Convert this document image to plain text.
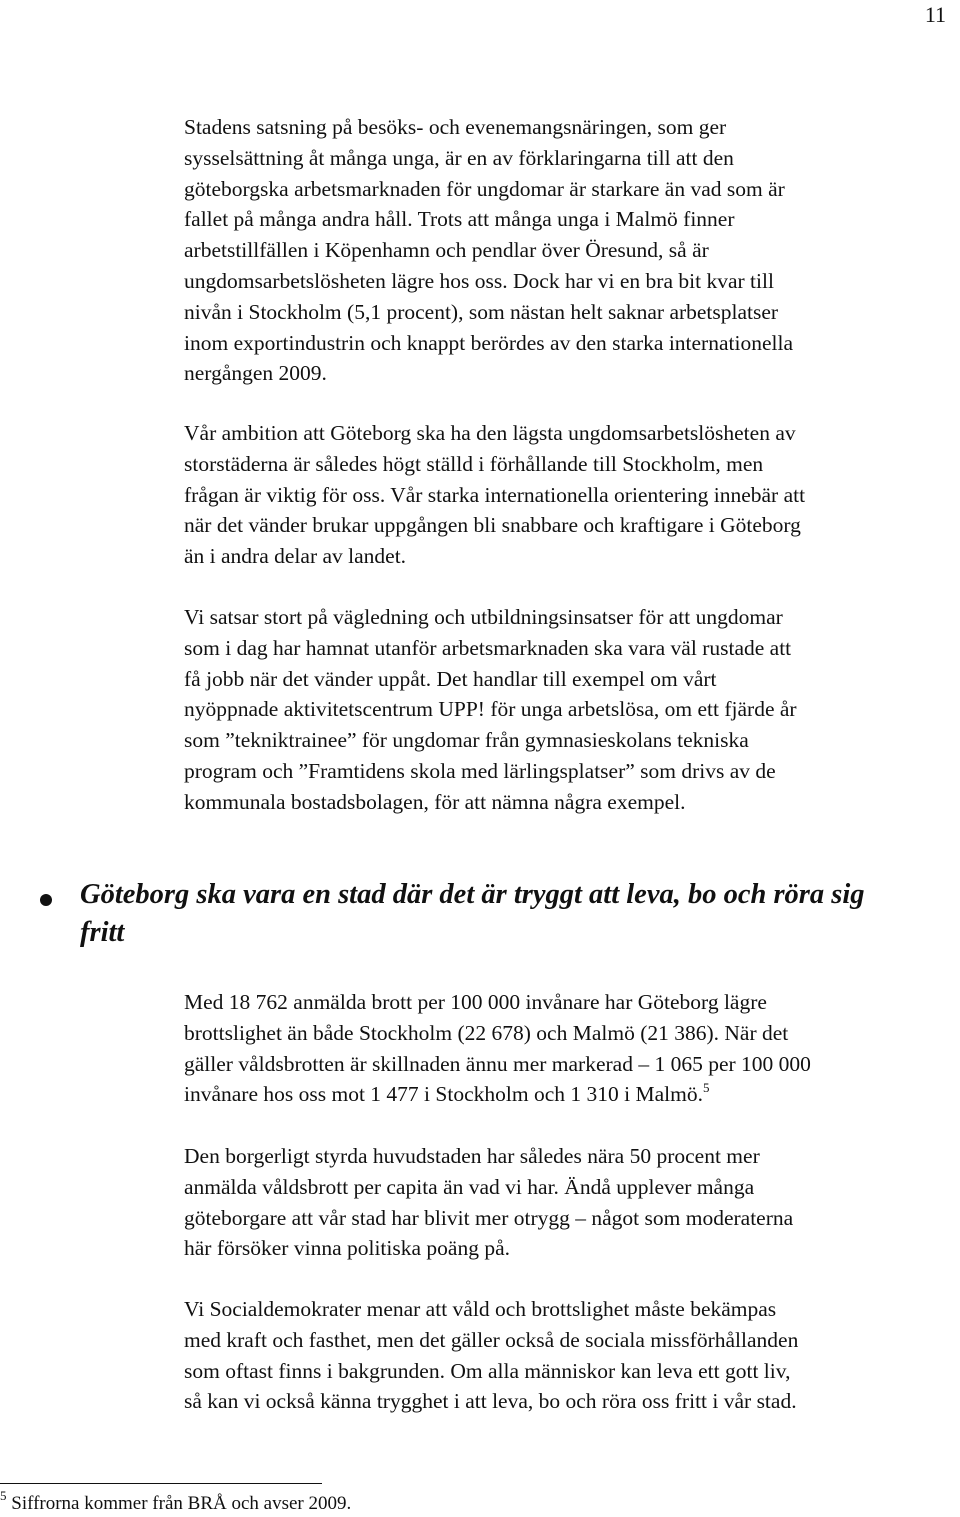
11
Stadens satsning på besöks- och evenemangsnäringen, som ger
sysselsättning åt många unga, är en av förklaringarna till att den
göteborgska arbetsmarknaden för ungdomar är starkare än vad som är
fallet på många andra håll. Trots att många unga i Malmö finner
arbetstillfällen i Köpenhamn och pendlar över Öresund, så är
ungdomsarbetslösheten lägre hos oss. Dock har vi en bra bit kvar till
nivån i Stockholm (5,1 procent), som nästan helt saknar arbetsplatser
inom exportindustrin och knappt berördes av den starka internationella
nergången 2009.
Vår ambition att Göteborg ska ha den lägsta ungdomsarbetslösheten av
storstäderna är således högt ställd i förhållande till Stockholm, men
frågan är viktig för oss. Vår starka internationella orientering innebär att
när det vänder brukar uppgången bli snabbare och kraftigare i Göteborg
än i andra delar av landet.
Vi satsar stort på vägledning och utbildningsinsatser för att ungdomar
som i dag har hamnat utanför arbetsmarknaden ska vara väl rustade att
få jobb när det vänder uppåt. Det handlar till exempel om vårt
nyöppnade aktivitetscentrum UPP! för unga arbetslösa, om ett fjärde år
som ”tekniktrainee” för ungdomar från gymnasieskolans tekniska
program och ”Framtidens skola med lärlingsplatser” som drivs av de
kommunala bostadsbolagen, för att nämna några exempel.
Göteborg ska vara en stad där det är tryggt att leva, bo och röra sig
fritt
Med 18 762 anmälda brott per 100 000 invånare har Göteborg lägre
brottslighet än både Stockholm (22 678) och Malmö (21 386). När det
gäller våldsbrotten är skillnaden ännu mer markerad – 1 065 per 100 000
invånare hos oss mot 1 477 i Stockholm och 1 310 i Malmö.$^5$
Den borgerligt styrda huvudstaden har således nära 50 procent mer
anmälda våldsbrott per capita än vad vi har. Ändå upplever många
göteborgare att vår stad har blivit mer otrygg – något som moderaterna
här försöker vinna politiska poäng på.
Vi Socialdemokrater menar att våld och brottslighet måste bekämpas
med kraft och fasthet, men det gäller också de sociala missförhållanden
som oftast finns i bakgrunden. Om alla människor kan leva ett gott liv,
så kan vi också känna trygghet i att leva, bo och röra oss fritt i vår stad.
$^5$ Siffrorna kommer från BRÅ och avser 2009.
